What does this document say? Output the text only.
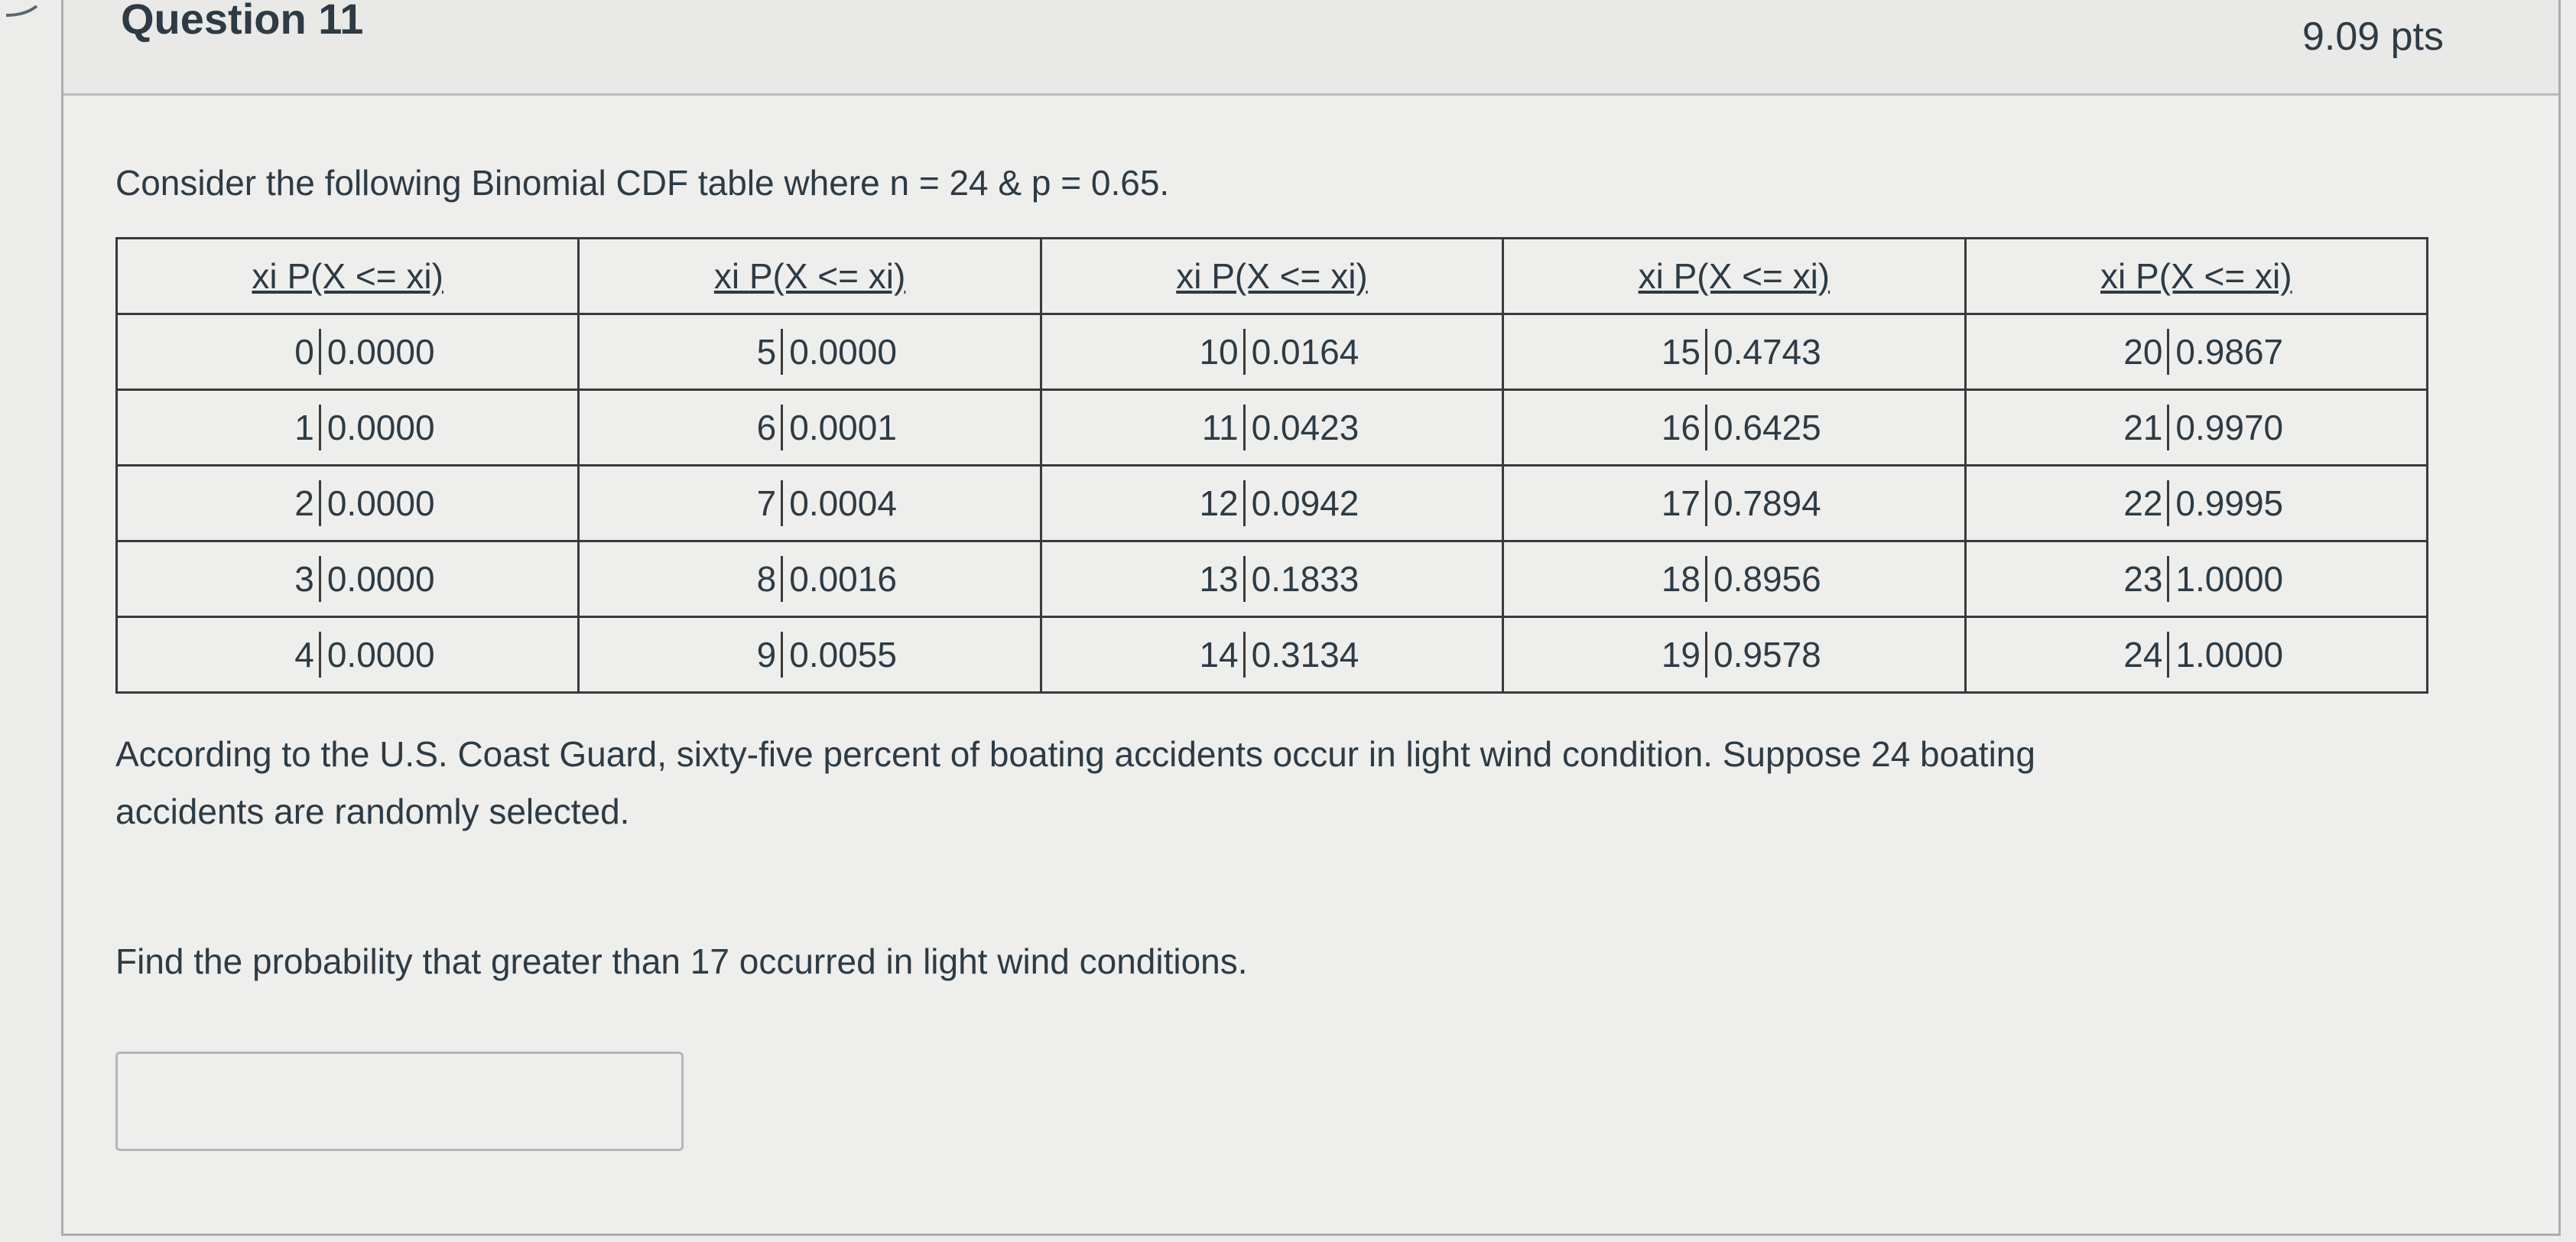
Question 11	9.09 pts
Consider the following Binomial CDF table where n = 24 & p = 0.65.
xi P(X <= xi)	xi P(X <= xi)	xi P(X <= xi)	xi P(X <= xi)	xi P(X <= xi)

0 0.0000	5 0.0000	10 0.0164	15 0.4743	20 0.9867

1 0.0000	6 0.0001	11 0.0423	16 0.6425	21 0.9970

2 0.0000	7 0.0004	12 0.0942	17 0.7894	22 0.9995

3 0.0000	8 0.0016	13 0.1833	18 0.8956	23 1.0000

4 0.0000	9 0.0055	14 0.3134	19 0.9578	24 1.0000
According to the U.S. Coast Guard, sixty-five percent of boating accidents occur in light wind condition. Suppose 24 boating
accidents are randomly selected.
Find the probability that greater than 17 occurred in light wind conditions.
